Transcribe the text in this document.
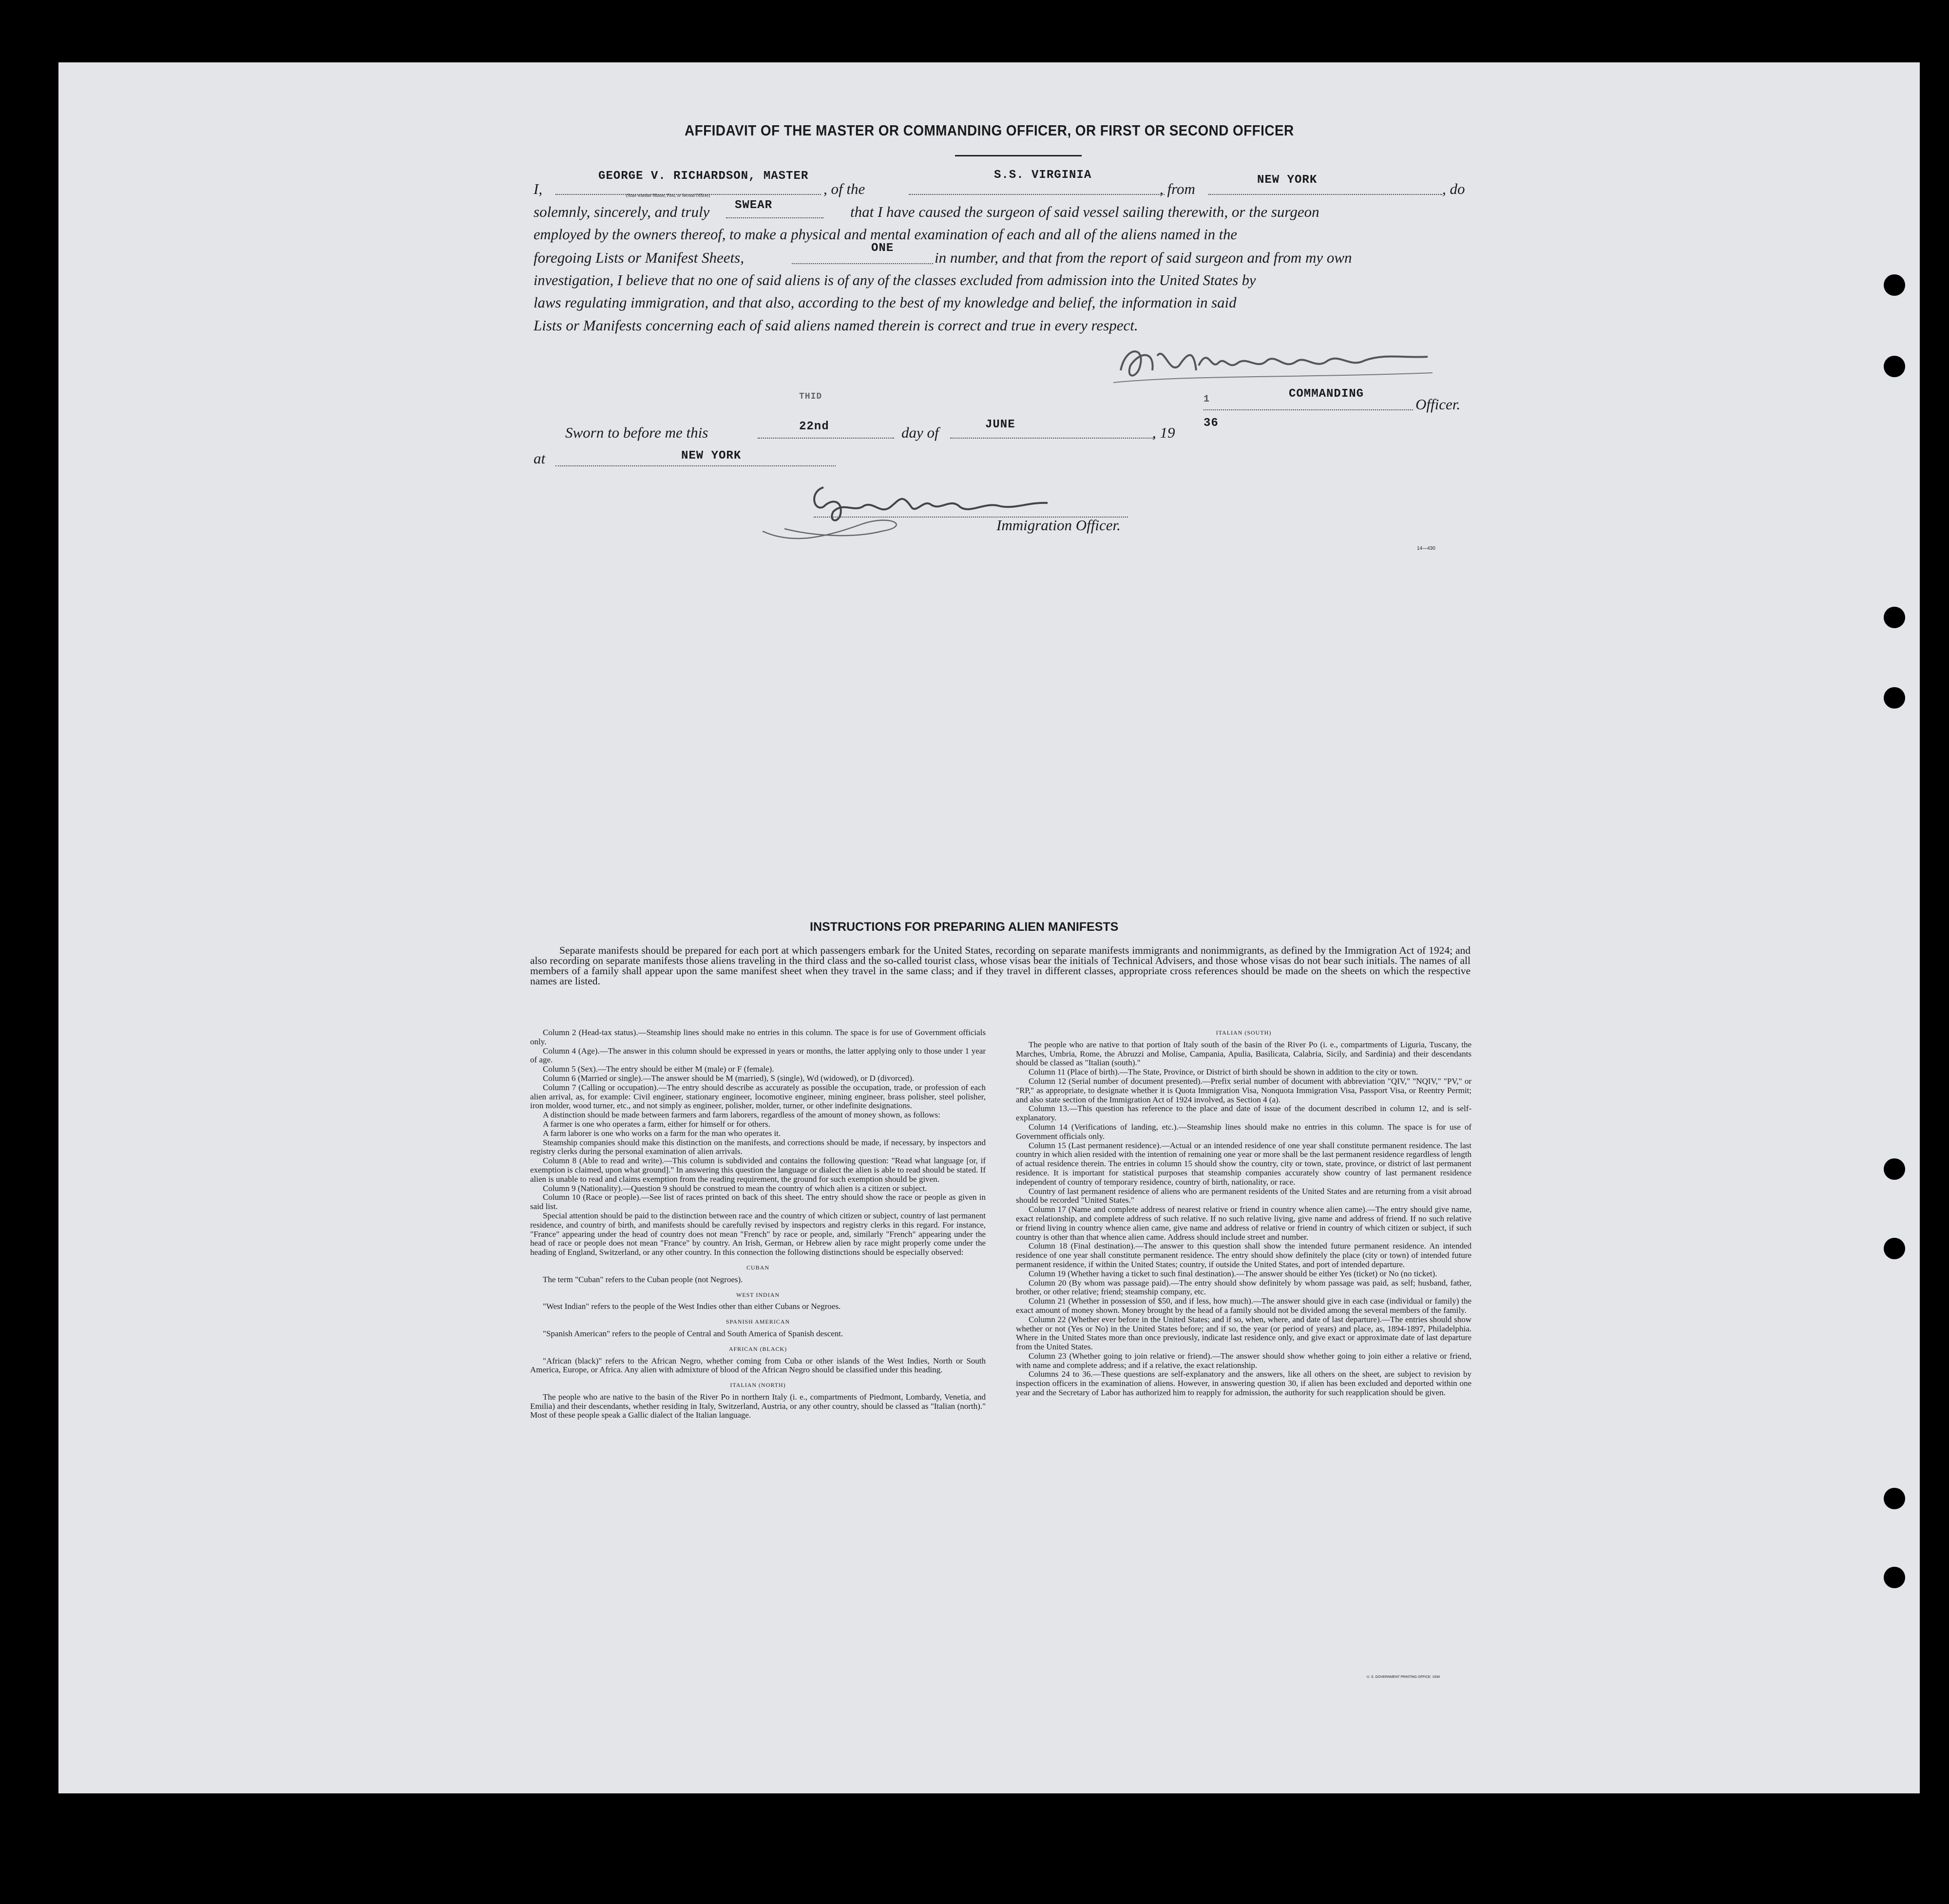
AFFIDAVIT OF THE MASTER OR COMMANDING OFFICER, OR FIRST OR SECOND OFFICER
I,
GEORGE V. RICHARDSON, MASTER
(State whether Master, First, or Second Officer)	, of the
S.S. VIRGINIA
, from
NEW YORK
, do
solemnly, sincerely, and truly SWEAR	that I have caused the surgeon of said vessel sailing therewith, or the surgeon
employed by the owners thereof, to make a physical and mental examination of each and all of the aliens named in the
foregoing Lists or Manifest Sheets,
ONE
in number, and that from the report of said surgeon and from my own
investigation, I believe that no one of said aliens is of any of the classes excluded from admission into the United States by
laws regulating immigration, and that also, according to the best of my knowledge and belief, the information in said
Lists or Manifests concerning each of said aliens named therein is correct and true in every respect.
COMMANDING
Officer.
THID
Sworn to before me this	22nd	day of	JUNE	, 19
1
36
at	NEW YORK
Immigration Officer.
14—430
INSTRUCTIONS FOR PREPARING ALIEN MANIFESTS
Separate manifests should be prepared for each port at which passengers embark for the United States, recording on separate manifests immigrants and nonimmigrants, as defined by the Immigration Act of 1924; and also recording on separate manifests those aliens traveling in the third class and the so-called tourist class, whose visas bear the initials of Technical Advisers, and those whose visas do not bear such initials. The names of all members of a family shall appear upon the same manifest sheet when they travel in the same class; and if they travel in different classes, appropriate cross references should be made on the sheets on which the respective names are listed.

Column 2 (Head-tax status).—Steamship lines should make no entries in this column. The space is for use of Government officials only.

Column 4 (Age).—The answer in this column should be expressed in years or months, the latter applying only to those under 1 year of age.

Column 5 (Sex).—The entry should be either M (male) or F (female).

Column 6 (Married or single).—The answer should be M (married), S (single), Wd (widowed), or D (divorced).

Column 7 (Calling or occupation).—The entry should describe as accurately as possible the occupation, trade, or profession of each alien arrival, as, for example: Civil engineer, stationary engineer, locomotive engineer, mining engineer, brass polisher, steel polisher, iron molder, wood turner, etc., and not simply as engineer, polisher, molder, turner, or other indefinite designations.

A distinction should be made between farmers and farm laborers, regardless of the amount of money shown, as follows:

A farmer is one who operates a farm, either for himself or for others.

A farm laborer is one who works on a farm for the man who operates it.

Steamship companies should make this distinction on the manifests, and corrections should be made, if necessary, by inspectors and registry clerks during the personal examination of alien arrivals.

Column 8 (Able to read and write).—This column is subdivided and contains the following question: "Read what language [or, if exemption is claimed, upon what ground]." In answering this question the language or dialect the alien is able to read should be stated. If alien is unable to read and claims exemption from the reading requirement, the ground for such exemption should be given.

Column 9 (Nationality).—Question 9 should be construed to mean the country of which alien is a citizen or subject.

Column 10 (Race or people).—See list of races printed on back of this sheet. The entry should show the race or people as given in said list.

Special attention should be paid to the distinction between race and the country of which citizen or subject, country of last permanent residence, and country of birth, and manifests should be carefully revised by inspectors and registry clerks in this regard. For instance, "France" appearing under the head of country does not mean "French" by race or people, and, similarly "French" appearing under the head of race or people does not mean "France" by country. An Irish, German, or Hebrew alien by race might properly come under the heading of England, Switzerland, or any other country. In this connection the following distinctions should be especially observed:

CUBAN

The term "Cuban" refers to the Cuban people (not Negroes).

WEST INDIAN

"West Indian" refers to the people of the West Indies other than either Cubans or Negroes.

SPANISH AMERICAN

"Spanish American" refers to the people of Central and South America of Spanish descent.

AFRICAN (BLACK)

"African (black)" refers to the African Negro, whether coming from Cuba or other islands of the West Indies, North or South America, Europe, or Africa. Any alien with admixture of blood of the African Negro should be classified under this heading.

ITALIAN (NORTH)

The people who are native to the basin of the River Po in northern Italy (i. e., compartments of Piedmont, Lombardy, Venetia, and Emilia) and their descendants, whether residing in Italy, Switzerland, Austria, or any other country, should be classed as "Italian (north)." Most of these people speak a Gallic dialect of the Italian language.

ITALIAN (SOUTH)

The people who are native to that portion of Italy south of the basin of the River Po (i. e., compartments of Liguria, Tuscany, the Marches, Umbria, Rome, the Abruzzi and Molise, Campania, Apulia, Basilicata, Calabria, Sicily, and Sardinia) and their descendants should be classed as "Italian (south)."

Column 11 (Place of birth).—The State, Province, or District of birth should be shown in addition to the city or town.

Column 12 (Serial number of document presented).—Prefix serial number of document with abbreviation "QIV," "NQIV," "PV," or "RP," as appropriate, to designate whether it is Quota Immigration Visa, Nonquota Immigration Visa, Passport Visa, or Reentry Permit; and also state section of the Immigration Act of 1924 involved, as Section 4 (a).

Column 13.—This question has reference to the place and date of issue of the document described in column 12, and is self-explanatory.

Column 14 (Verifications of landing, etc.).—Steamship lines should make no entries in this column. The space is for use of Government officials only.

Column 15 (Last permanent residence).—Actual or an intended residence of one year shall constitute permanent residence. The last country in which alien resided with the intention of remaining one year or more shall be the last permanent residence regardless of length of actual residence therein. The entries in column 15 should show the country, city or town, state, province, or district of last permanent residence. It is important for statistical purposes that steamship companies accurately show country of last permanent residence independent of country of temporary residence, country of birth, nationality, or race.

Country of last permanent residence of aliens who are permanent residents of the United States and are returning from a visit abroad should be recorded "United States."

Column 17 (Name and complete address of nearest relative or friend in country whence alien came).—The entry should give name, exact relationship, and complete address of such relative. If no such relative living, give name and address of friend. If no such relative or friend living in country whence alien came, give name and address of relative or friend in country of which citizen or subject, if such country is other than that whence alien came. Address should include street and number.

Column 18 (Final destination).—The answer to this question shall show the intended future permanent residence. An intended residence of one year shall constitute permanent residence. The entry should show definitely the place (city or town) of intended future permanent residence, if within the United States; country, if outside the United States, and port of intended departure.

Column 19 (Whether having a ticket to such final destination).—The answer should be either Yes (ticket) or No (no ticket).

Column 20 (By whom was passage paid).—The entry should show definitely by whom passage was paid, as self; husband, father, brother, or other relative; friend; steamship company, etc.

Column 21 (Whether in possession of $50, and if less, how much).—The answer should give in each case (individual or family) the exact amount of money shown. Money brought by the head of a family should not be divided among the several members of the family.

Column 22 (Whether ever before in the United States; and if so, when, where, and date of last departure).—The entries should show whether or not (Yes or No) in the United States before; and if so, the year (or period of years) and place, as, 1894-1897, Philadelphia. Where in the United States more than once previously, indicate last residence only, and give exact or approximate date of last departure from the United States.

Column 23 (Whether going to join relative or friend).—The answer should show whether going to join either a relative or friend, with name and complete address; and if a relative, the exact relationship.

Columns 24 to 36.—These questions are self-explanatory and the answers, like all others on the sheet, are subject to revision by inspection officers in the examination of aliens. However, in answering question 30, if alien has been excluded and deported within one year and the Secretary of Labor has authorized him to reapply for admission, the authority for such reapplication should be given.

U. S. GOVERNMENT PRINTING OFFICE: 1934
